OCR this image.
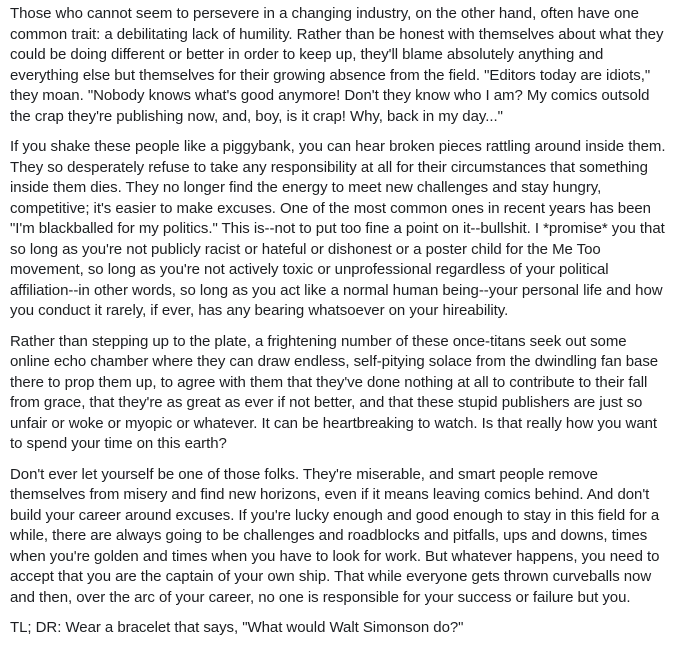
Those who cannot seem to persevere in a changing industry, on the other hand, often have one common trait: a debilitating lack of humility. Rather than be honest with themselves about what they could be doing different or better in order to keep up, they'll blame absolutely anything and everything else but themselves for their growing absence from the field. "Editors today are idiots," they moan. "Nobody knows what's good anymore! Don't they know who I am? My comics outsold the crap they're publishing now, and, boy, is it crap! Why, back in my day..."

If you shake these people like a piggybank, you can hear broken pieces rattling around inside them. They so desperately refuse to take any responsibility at all for their circumstances that something inside them dies. They no longer find the energy to meet new challenges and stay hungry, competitive; it's easier to make excuses. One of the most common ones in recent years has been "I'm blackballed for my politics." This is--not to put too fine a point on it--bullshit. I *promise* you that so long as you're not publicly racist or hateful or dishonest or a poster child for the Me Too movement, so long as you're not actively toxic or unprofessional regardless of your political affiliation--in other words, so long as you act like a normal human being--your personal life and how you conduct it rarely, if ever, has any bearing whatsoever on your hireability.

Rather than stepping up to the plate, a frightening number of these once-titans seek out some online echo chamber where they can draw endless, self-pitying solace from the dwindling fan base there to prop them up, to agree with them that they've done nothing at all to contribute to their fall from grace, that they're as great as ever if not better, and that these stupid publishers are just so unfair or woke or myopic or whatever. It can be heartbreaking to watch. Is that really how you want to spend your time on this earth?

Don't ever let yourself be one of those folks. They're miserable, and smart people remove themselves from misery and find new horizons, even if it means leaving comics behind. And don't build your career around excuses. If you're lucky enough and good enough to stay in this field for a while, there are always going to be challenges and roadblocks and pitfalls, ups and downs, times when you're golden and times when you have to look for work. But whatever happens, you need to accept that you are the captain of your own ship. That while everyone gets thrown curveballs now and then, over the arc of your career, no one is responsible for your success or failure but you.

TL; DR: Wear a bracelet that says, "What would Walt Simonson do?"
